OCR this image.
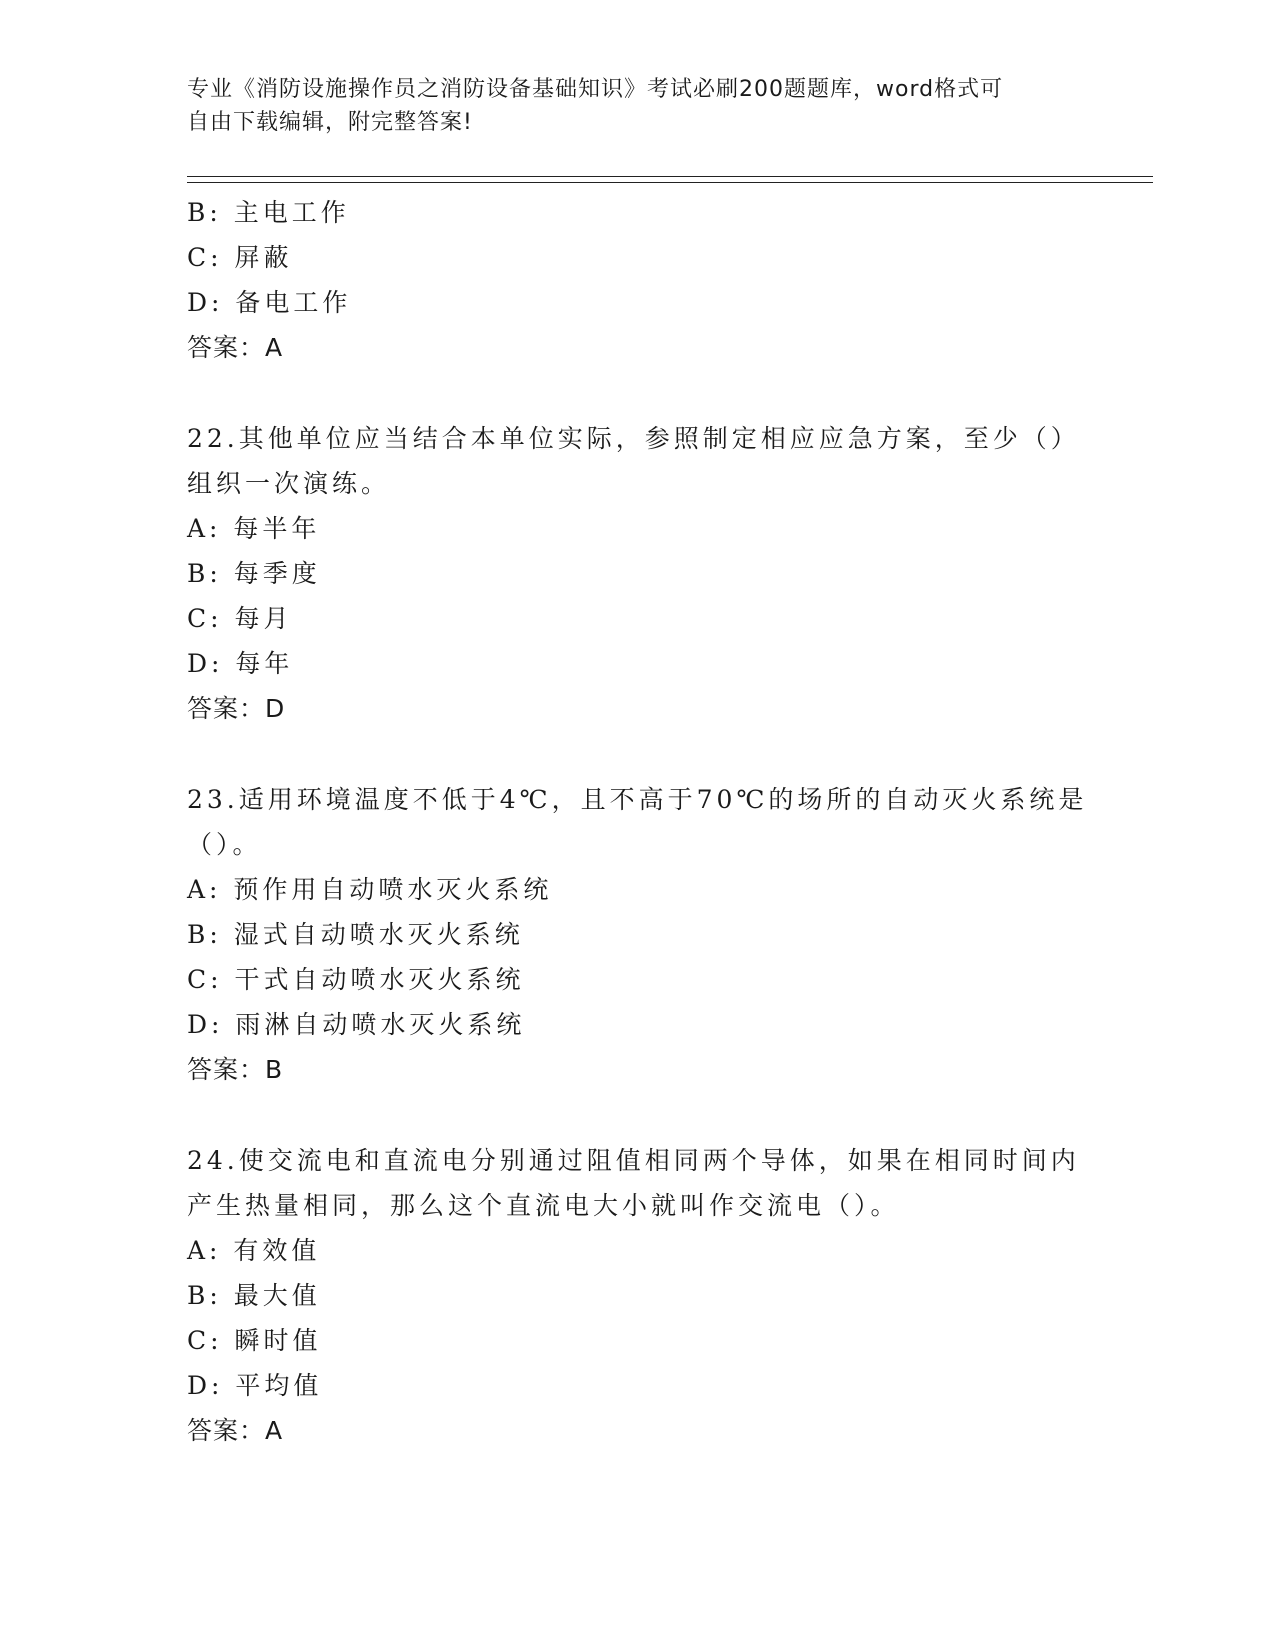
专业《消防设施操作员之消防设备基础知识》考试必刷200题题库，word格式可
自由下载编辑，附完整答案!
B: 主电工作
C: 屏蔽
D: 备电工作
答案：A
22.其他单位应当结合本单位实际，参照制定相应应急方案，至少（）
组织一次演练。
A: 每半年
B: 每季度
C: 每月
D: 每年
答案：D
23.适用环境温度不低于4℃，且不高于70℃的场所的自动灭火系统是
（）。
A: 预作用自动喷水灭火系统
B: 湿式自动喷水灭火系统
C: 干式自动喷水灭火系统
D: 雨淋自动喷水灭火系统
答案：B
24.使交流电和直流电分别通过阻值相同两个导体，如果在相同时间内
产生热量相同，那么这个直流电大小就叫作交流电（）。
A: 有效值
B: 最大值
C: 瞬时值
D: 平均值
答案：A
